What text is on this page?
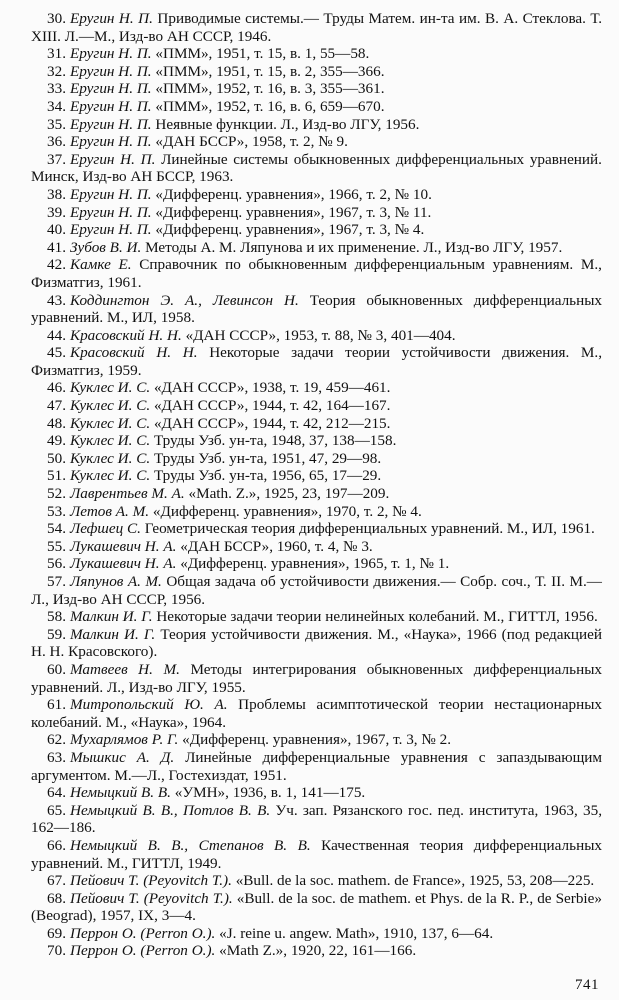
30. Еругин Н. П. Приводимые системы.— Труды Матем. ин-та им. В. А. Стеклова. Т. XIII. Л.—М., Изд-во АН СССР, 1946.

31. Еругин Н. П. «ПММ», 1951, т. 15, в. 1, 55—58.

32. Еругин Н. П. «ПММ», 1951, т. 15, в. 2, 355—366.

33. Еругин Н. П. «ПММ», 1952, т. 16, в. 3, 355—361.

34. Еругин Н. П. «ПММ», 1952, т. 16, в. 6, 659—670.

35. Еругин Н. П. Неявные функции. Л., Изд-во ЛГУ, 1956.

36. Еругин Н. П. «ДАН БССР», 1958, т. 2, № 9.

37. Еругин Н. П. Линейные системы обыкновенных дифференциальных уравнений. Минск, Изд-во АН БССР, 1963.

38. Еругин Н. П. «Дифференц. уравнения», 1966, т. 2, № 10.

39. Еругин Н. П. «Дифференц. уравнения», 1967, т. 3, № 11.

40. Еругин Н. П. «Дифференц. уравнения», 1967, т. 3, № 4.

41. Зубов В. И. Методы А. М. Ляпунова и их применение. Л., Изд-во ЛГУ, 1957.

42. Камке Е. Справочник по обыкновенным дифференциальным уравнениям. М., Физматгиз, 1961.

43. Коддингтон Э. А., Левинсон Н. Теория обыкновенных дифференциальных уравнений. М., ИЛ, 1958.

44. Красовский Н. Н. «ДАН СССР», 1953, т. 88, № 3, 401—404.

45. Красовский Н. Н. Некоторые задачи теории устойчивости движения. М., Физматгиз, 1959.

46. Куклес И. С. «ДАН СССР», 1938, т. 19, 459—461.

47. Куклес И. С. «ДАН СССР», 1944, т. 42, 164—167.

48. Куклес И. С. «ДАН СССР», 1944, т. 42, 212—215.

49. Куклес И. С. Труды Узб. ун-та, 1948, 37, 138—158.

50. Куклес И. С. Труды Узб. ун-та, 1951, 47, 29—98.

51. Куклес И. С. Труды Узб. ун-та, 1956, 65, 17—29.

52. Лаврентьев М. А. «Math. Z.», 1925, 23, 197—209.

53. Летов А. М. «Дифференц. уравнения», 1970, т. 2, № 4.

54. Лефшец С. Геометрическая теория дифференциальных уравнений. М., ИЛ, 1961.

55. Лукашевич Н. А. «ДАН БССР», 1960, т. 4, № 3.

56. Лукашевич Н. А. «Дифференц. уравнения», 1965, т. 1, № 1.

57. Ляпунов А. М. Общая задача об устойчивости движения.— Собр. соч., Т. II. М.—Л., Изд-во АН СССР, 1956.

58. Малкин И. Г. Некоторые задачи теории нелинейных колебаний. М., ГИТТЛ, 1956.

59. Малкин И. Г. Теория устойчивости движения. М., «Наука», 1966 (под редакцией Н. Н. Красовского).

60. Матвеев Н. М. Методы интегрирования обыкновенных дифференциальных уравнений. Л., Изд-во ЛГУ, 1955.

61. Митропольский Ю. А. Проблемы асимптотической теории нестационарных колебаний. М., «Наука», 1964.

62. Мухарлямов Р. Г. «Дифференц. уравнения», 1967, т. 3, № 2.

63. Мышкис А. Д. Линейные дифференциальные уравнения с запаздывающим аргументом. М.—Л., Гостехиздат, 1951.

64. Немыцкий В. В. «УМН», 1936, в. 1, 141—175.

65. Немыцкий В. В., Потлов В. В. Уч. зап. Рязанского гос. пед. института, 1963, 35, 162—186.

66. Немыцкий В. В., Степанов В. В. Качественная теория дифференциальных уравнений. М., ГИТТЛ, 1949.

67. Пейович Т. (Peyovitch T.). «Bull. de la soc. mathem. de France», 1925, 53, 208—225.

68. Пейович Т. (Peyovitch T.). «Bull. de la soc. de mathem. et Phys. de la R. P., de Serbie» (Beograd), 1957, IX, 3—4.

69. Перрон О. (Perron O.). «J. reine u. angew. Math», 1910, 137, 6—64.

70. Перрон О. (Perron O.). «Math Z.», 1920, 22, 161—166.

741
